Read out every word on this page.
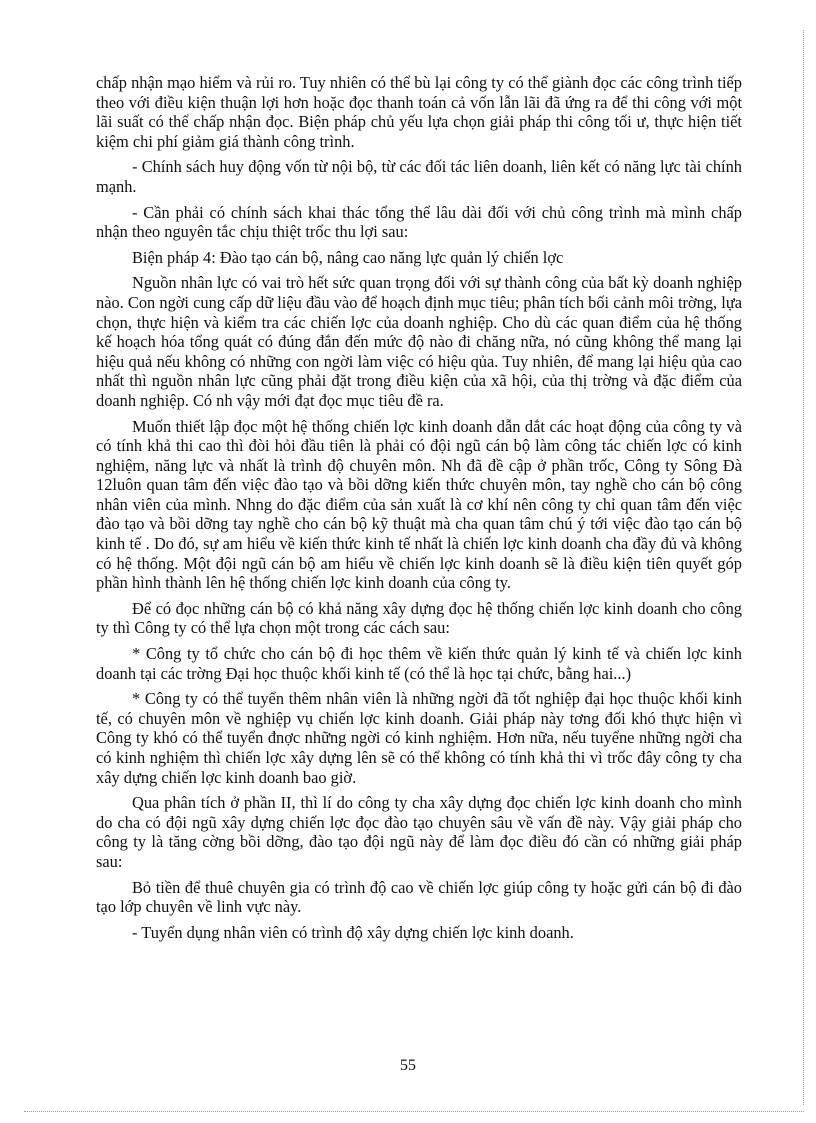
chấp nhận mạo hiểm và rủi ro. Tuy nhiên có thể bù lại công ty có thể giành đọc các công trình tiếp theo với điều kiện thuận lợi hơn hoặc đọc thanh toán cả vốn lẫn lãi đã ứng ra để thi công với một lãi suất có thể chấp nhận đọc. Biện pháp chủ yếu lựa chọn giải pháp thi công tối ư, thực hiện tiết kiệm chi phí giảm giá thành công trình.

- Chính sách huy động vốn từ nội bộ, từ các đối tác liên doanh, liên kết có năng lực tài chính mạnh.

- Cần phải có chính sách khai thác tổng thể lâu dài đối với chủ công trình mà mình chấp nhận theo nguyên tắc chịu thiệt trốc thu lợi sau:

Biện pháp 4: Đào tạo cán bộ, nâng cao năng lực quản lý chiến lợc

Nguồn nhân lực có vai trò hết sức quan trọng đối với sự thành công của bất kỳ doanh nghiệp nào. Con ngời cung cấp dữ liệu đầu vào để hoạch định mục tiêu; phân tích bối cảnh môi trờng, lựa chọn, thực hiện và kiểm tra các chiến lợc của doanh nghiệp. Cho dù các quan điểm của hệ thống kế hoạch hóa tổng quát có đúng đắn đến mức độ nào đi chăng nữa, nó cũng không thể mang lại hiệu quả nếu không có những con ngời làm việc có hiệu qủa. Tuy nhiên, để mang lại hiệu qủa cao nhất thì nguồn nhân lực cũng phải đặt trong điều kiện của xã hội, của thị trờng và đặc điểm của doanh nghiệp. Có nh vậy mới đạt đọc mục tiêu đề ra.

Muốn thiết lập đọc một hệ thống chiến lợc kinh doanh dẫn dắt các hoạt động của công ty và có tính khả thi cao thì đòi hỏi đầu tiên là phải có đội ngũ cán bộ làm công tác chiến lợc có kinh nghiệm, năng lực và nhất là trình độ chuyên môn. Nh đã đề cập ở phần trốc, Công ty Sông Đà 12luôn quan tâm đến việc đào tạo và bồi dỡng kiến thức chuyên môn, tay nghề cho cán bộ công nhân viên của mình. Nhng do đặc điểm của sản xuất là cơ khí nên công ty chỉ quan tâm đến việc đào tạo và bồi dỡng tay nghề cho cán bộ kỹ thuật mà cha quan tâm chú ý tới việc đào tạo cán bộ kinh tế . Do đó, sự am hiểu về kiến thức kinh tế nhất là chiến lợc kinh doanh cha đầy đủ và không có hệ thống. Một đội ngũ cán bộ am hiểu về chiến lợc kinh doanh sẽ là điều kiện tiên quyết góp phần hình thành lên hệ thống chiến lợc kinh doanh của công ty.

Để có đọc những cán bộ có khả năng xây dựng đọc hệ thống chiến lợc kinh doanh cho công ty thì Công ty có thể lựa chọn một trong các cách sau:

* Công ty tổ chức cho cán bộ đi học thêm về kiến thức quản lý kinh tế và chiến lợc kinh doanh tại các trờng Đại học thuộc khối kinh tế (có thể là học tại chức, bằng hai...)

* Công ty có thể tuyển thêm nhân viên là những ngời đã tốt nghiệp đại học thuộc khối kinh tế, có chuyên môn về nghiệp vụ chiến lợc kinh doanh. Giải pháp này tơng đối khó thực hiện vì Công ty khó có thể tuyển đnợc những ngời có kinh nghiệm. Hơn nữa, nếu tuyểne những ngời cha có kinh nghiệm thì chiến lợc xây dựng lên sẽ có thể không có tính khả thi vì trốc đây công ty cha xây dựng chiến lợc kinh doanh bao giờ.

Qua phân tích ở phần II, thì lí do công ty cha xây dựng đọc chiến lợc kinh doanh cho mình do cha có đội ngũ xây dựng chiến lợc đọc đào tạo chuyên sâu về vấn đề này. Vậy giải pháp cho công ty là tăng cờng bồi dỡng, đào tạo đội ngũ này để làm đọc điều đó cần có những giải pháp sau:

Bỏ tiền để thuê chuyên gia có trình độ cao về chiến lợc giúp công ty hoặc gửi cán bộ đi đào tạo lớp chuyên về linh vực này.

- Tuyển dụng nhân viên có trình độ xây dựng chiến lợc kinh doanh.

55
